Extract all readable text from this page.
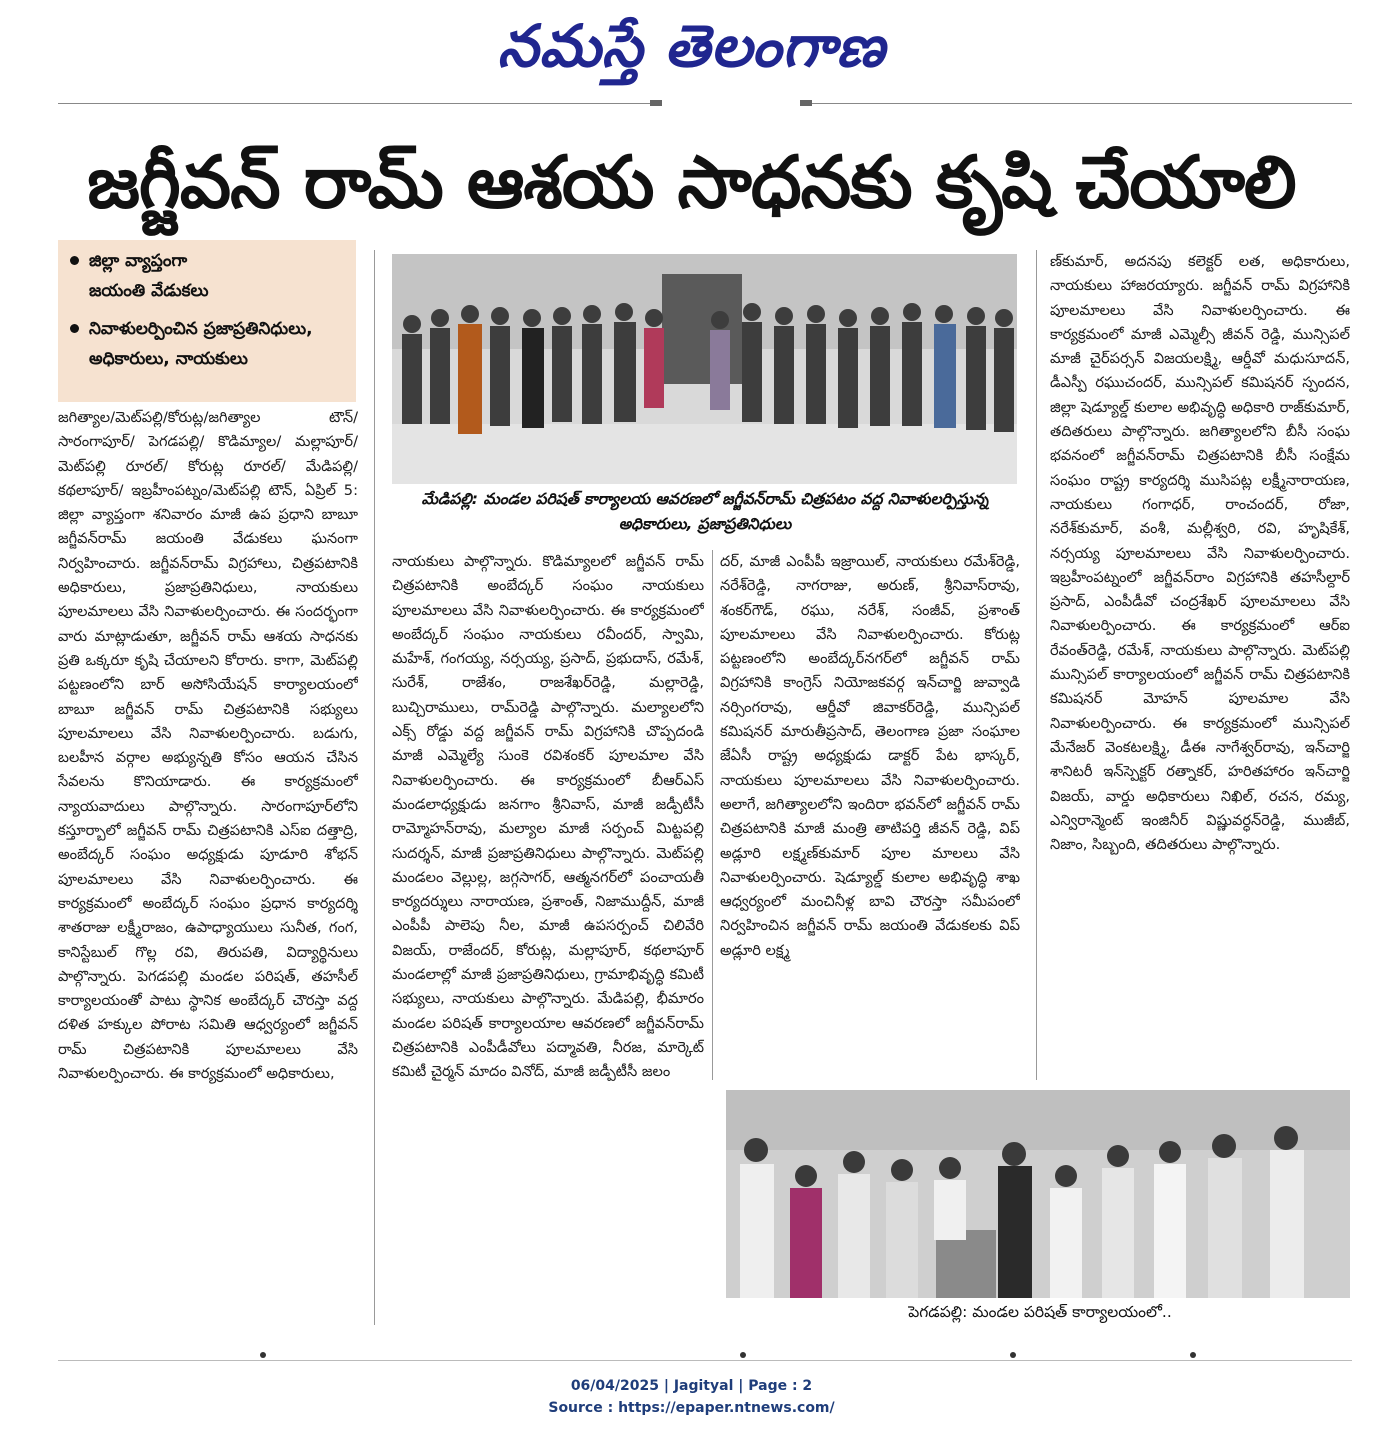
నమస్తే తెలంగాణ
జగ్జీవన్ రామ్ ఆశయ సాధనకు కృషి చేయాలి
జిల్లా వ్యాప్తంగా జయంతి వేడుకలు
నివాళులర్పించిన ప్రజాప్రతినిధులు, అధికారులు, నాయకులు
జగిత్యాల/మెట్‌పల్లి/కోరుట్ల/జగిత్యాల టౌన్/ సారంగాపూర్/ పెగడపల్లి/ కొడిమ్యాల/ మల్లాపూర్/ మెట్‌పల్లి రూరల్/ కోరుట్ల రూరల్/ మేడిపల్లి/ కథలాపూర్/ ఇబ్రహీంపట్నం/మెట్‌పల్లి టౌన్, ఏప్రిల్ 5: జిల్లా వ్యాప్తంగా శనివారం మాజీ ఉప ప్రధాని బాబూ జగ్జీవన్‌రామ్ జయంతి వేడుకలు ఘనంగా నిర్వహించారు. జగ్జీవన్‌రామ్ విగ్రహాలు, చిత్రపటానికి అధికారులు, ప్రజాప్రతినిధులు, నాయకులు పూలమాలలు వేసి నివాళులర్పించారు. ఈ సందర్భంగా వారు మాట్లాడుతూ, జగ్జీవన్ రామ్ ఆశయ సాధనకు ప్రతి ఒక్కరూ కృషి చేయాలని కోరారు. కాగా, మెట్‌పల్లి పట్టణంలోని బార్ అసోసియేషన్ కార్యాలయంలో బాబూ జగ్జీవన్ రామ్ చిత్రపటానికి సభ్యులు పూలమాలలు వేసి నివాళులర్పించారు. బడుగు, బలహీన వర్గాల అభ్యున్నతి కోసం ఆయన చేసిన సేవలను కొనియాడారు. ఈ కార్యక్రమంలో న్యాయవాదులు పాల్గొన్నారు. సారంగాపూర్‌లోని కస్తూర్బాలో జగ్జీవన్ రామ్ చిత్రపటానికి ఎస్‌ఐ దత్తాద్రి, అంబేద్కర్ సంఘం అధ్యక్షుడు పూడూరి శోభన్ పూలమాలలు వేసి నివాళులర్పించారు. ఈ కార్యక్రమంలో అంబేద్కర్ సంఘం ప్రధాన కార్యదర్శి శాతరాజు లక్ష్మీరాజం, ఉపాధ్యాయులు సునీత, గంగ, కానిస్టేబుల్ గొల్ల రవి, తిరుపతి, విద్యార్థినులు పాల్గొన్నారు. పెగడపల్లి మండల పరిషత్, తహసీల్ కార్యాలయంతో పాటు స్థానిక అంబేద్కర్ చౌరస్తా వద్ద దళిత హక్కుల పోరాట సమితి ఆధ్వర్యంలో జగ్జీవన్ రామ్ చిత్రపటానికి పూలమాలలు వేసి నివాళులర్పించారు. ఈ కార్యక్రమంలో అధికారులు,
మేడిపల్లి: మండల పరిషత్ కార్యాలయ ఆవరణలో జగ్జీవన్‌రామ్ చిత్రపటం వద్ద నివాళులర్పిస్తున్న అధికారులు, ప్రజాప్రతినిధులు
నాయకులు పాల్గొన్నారు. కొడిమ్యాలలో జగ్జీవన్ రామ్ చిత్రపటానికి అంబేద్కర్ సంఘం నాయకులు పూలమాలలు వేసి నివాళులర్పించారు. ఈ కార్యక్రమంలో అంబేద్కర్ సంఘం నాయకులు రవీందర్, స్వామి, మహేశ్, గంగయ్య, నర్సయ్య, ప్రసాద్, ప్రభుదాస్, రమేశ్, సురేశ్, రాజేశం, రాజశేఖర్‌రెడ్డి, మల్లారెడ్డి, బుచ్చిరాములు, రామ్‌రెడ్డి పాల్గొన్నారు. మల్యాలలోని ఎక్స్ రోడ్డు వద్ద జగ్జీవన్ రామ్ విగ్రహానికి చొప్పదండి మాజీ ఎమ్మెల్యే సుంకె రవిశంకర్ పూలమాల వేసి నివాళులర్పించారు. ఈ కార్యక్రమంలో బీఆర్‌ఎస్ మండలాధ్యక్షుడు జనగాం శ్రీనివాస్, మాజీ జడ్పీటీసీ రామ్మోహన్‌రావు, మల్యాల మాజీ సర్పంచ్ మిట్టపల్లి సుదర్శన్, మాజీ ప్రజాప్రతినిధులు పాల్గొన్నారు. మెట్‌పల్లి మండలం వెల్లుల్ల, జగ్గసాగర్, ఆత్మనగర్‌లో పంచాయతీ కార్యదర్శులు నారాయణ, ప్రశాంత్, నిజాముద్దీన్, మాజీ ఎంపీపీ పాలెపు నీల, మాజీ ఉపసర్పంచ్ చిలివేరి విజయ్, రాజేందర్, కోరుట్ల, మల్లాపూర్, కథలాపూర్ మండలాల్లో మాజీ ప్రజాప్రతినిధులు, గ్రామాభివృద్ధి కమిటీ సభ్యులు, నాయకులు పాల్గొన్నారు. మేడిపల్లి, భీమారం మండల పరిషత్ కార్యాలయాల ఆవరణలో జగ్జీవన్‌రామ్ చిత్రపటానికి ఎంపీడీవోలు పద్మావతి, నీరజ, మార్కెట్ కమిటీ చైర్మన్ మాదం వినోద్, మాజీ జడ్పీటీసీ జలం
దర్, మాజీ ఎంపీపీ ఇజ్రాయిల్, నాయకులు రమేశ్‌రెడ్డి, నరేశ్‌రెడ్డి, నాగరాజు, అరుణ్, శ్రీనివాస్‌రావు, శంకర్‌గౌడ్, రఘు, నరేశ్, సంజీవ్, ప్రశాంత్ పూలమాలలు వేసి నివాళులర్పించారు. కోరుట్ల పట్టణంలోని అంబేద్కర్‌నగర్‌లో జగ్జీవన్ రామ్ విగ్రహానికి కాంగ్రెస్ నియోజకవర్గ ఇన్‌చార్జి జువ్వాడి నర్సింగరావు, ఆర్డీవో జివాకర్‌రెడ్డి, మున్సిపల్ కమిషనర్ మారుతీప్రసాద్, తెలంగాణ ప్రజా సంఘాల జేఏసీ రాష్ట్ర అధ్యక్షుడు డాక్టర్ పేట భాస్కర్, నాయకులు పూలమాలలు వేసి నివాళులర్పించారు. అలాగే, జగిత్యాలలోని ఇందిరా భవన్‌లో జగ్జీవన్ రామ్ చిత్రపటానికి మాజీ మంత్రి తాటిపర్తి జీవన్ రెడ్డి, విప్ అడ్లూరి లక్ష్మణ్‌కుమార్ పూల మాలలు వేసి నివాళులర్పించారు. షెడ్యూల్డ్ కులాల అభివృద్ధి శాఖ ఆధ్వర్యంలో మంచినీళ్ల బావి చౌరస్తా సమీపంలో నిర్వహించిన జగ్జీవన్ రామ్ జయంతి వేడుకలకు విప్ అడ్లూరి లక్ష్మ
ణ్‌కుమార్, అదనపు కలెక్టర్ లత, అధికారులు, నాయకులు హాజరయ్యారు. జగ్జీవన్ రామ్ విగ్రహానికి పూలమాలలు వేసి నివాళులర్పించారు. ఈ కార్యక్రమంలో మాజీ ఎమ్మెల్సీ జీవన్ రెడ్డి, మున్సిపల్ మాజీ చైర్‌పర్సన్ విజయలక్ష్మి, ఆర్డీవో మధుసూదన్, డీఎస్పీ రఘుచందర్, మున్సిపల్ కమిషనర్ స్పందన, జిల్లా షెడ్యూల్డ్ కులాల అభివృద్ధి అధికారి రాజ్‌కుమార్, తదితరులు పాల్గొన్నారు. జగిత్యాలలోని బీసీ సంఘ భవనంలో జగ్జీవన్‌రామ్ చిత్రపటానికి బీసీ సంక్షేమ సంఘం రాష్ట్ర కార్యదర్శి ముసిపట్ల లక్ష్మీనారాయణ, నాయకులు గంగాధర్, రాంచందర్, రోజా, నరేశ్‌కుమార్, వంశీ, మల్లీశ్వరి, రవి, హృషికేశ్, నర్సయ్య పూలమాలలు వేసి నివాళులర్పించారు. ఇబ్రహీంపట్నంలో జగ్జీవన్‌రాం విగ్రహానికి తహసీల్దార్ ప్రసాద్, ఎంపీడీవో చంద్రశేఖర్ పూలమాలలు వేసి నివాళులర్పించారు. ఈ కార్యక్రమంలో ఆర్‌ఐ రేవంత్‌రెడ్డి, రమేశ్, నాయకులు పాల్గొన్నారు. మెట్‌పల్లి మున్సిపల్ కార్యాలయంలో జగ్జీవన్ రామ్ చిత్రపటానికి కమిషనర్ మోహన్ పూలమాల వేసి నివాళులర్పించారు. ఈ కార్యక్రమంలో మున్సిపల్ మేనేజర్ వెంకటలక్ష్మి, డీఈ నాగేశ్వర్‌రావు, ఇన్‌చార్జి శానిటరీ ఇన్‌స్పెక్టర్ రత్నాకర్, హరితహారం ఇన్‌చార్జి విజయ్, వార్డు అధికారులు నిఖిల్, రచన, రమ్య, ఎన్విరాన్మెంట్ ఇంజినీర్ విష్ణువర్ధన్‌రెడ్డి, ముజీబ్, నిజాం, సిబ్బంది, తదితరులు పాల్గొన్నారు.
పెగడపల్లి: మండల పరిషత్ కార్యాలయంలో..
06/04/2025 | Jagityal | Page : 2
Source : https://epaper.ntnews.com/
